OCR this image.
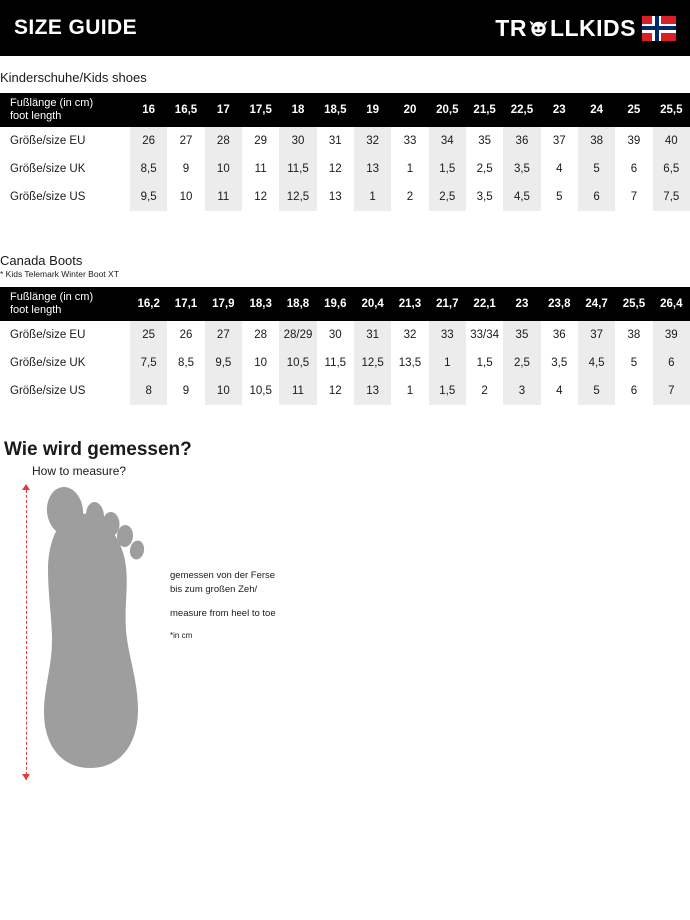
SIZE GUIDE	TR LLKIDS
Kinderschuhe/Kids shoes
Fußlänge (in cm)
foot length	16	16,5	17	17,5	18	18,5	19	20	20,5	21,5	22,5	23	24	25	25,5
Größe/size EU	26	27	28	29	30	31	32	33	34	35	36	37	38	39	40
Größe/size UK	8,5	9	10	11	11,5	12	13	1	1,5	2,5	3,5	4	5	6	6,5
Größe/size US	9,5	10	11	12	12,5	13	1	2	2,5	3,5	4,5	5	6	7	7,5
Canada Boots
* Kids Telemark Winter Boot XT
Fußlänge (in cm)
foot length	16,2	17,1	17,9	18,3	18,8	19,6	20,4	21,3	21,7	22,1	23	23,8	24,7	25,5	26,4
Größe/size EU	25	26	27	28	28/29	30	31	32	33	33/34	35	36	37	38	39
Größe/size UK	7,5	8,5	9,5	10	10,5	11,5	12,5	13,5	1	1,5	2,5	3,5	4,5	5	6
Größe/size US	8	9	10	10,5	11	12	13	1	1,5	2	3	4	5	6	7
Wie wird gemessen?
How to measure?
gemessen von der Ferse
bis zum großen Zeh/
measure from heel to toe
*in cm
